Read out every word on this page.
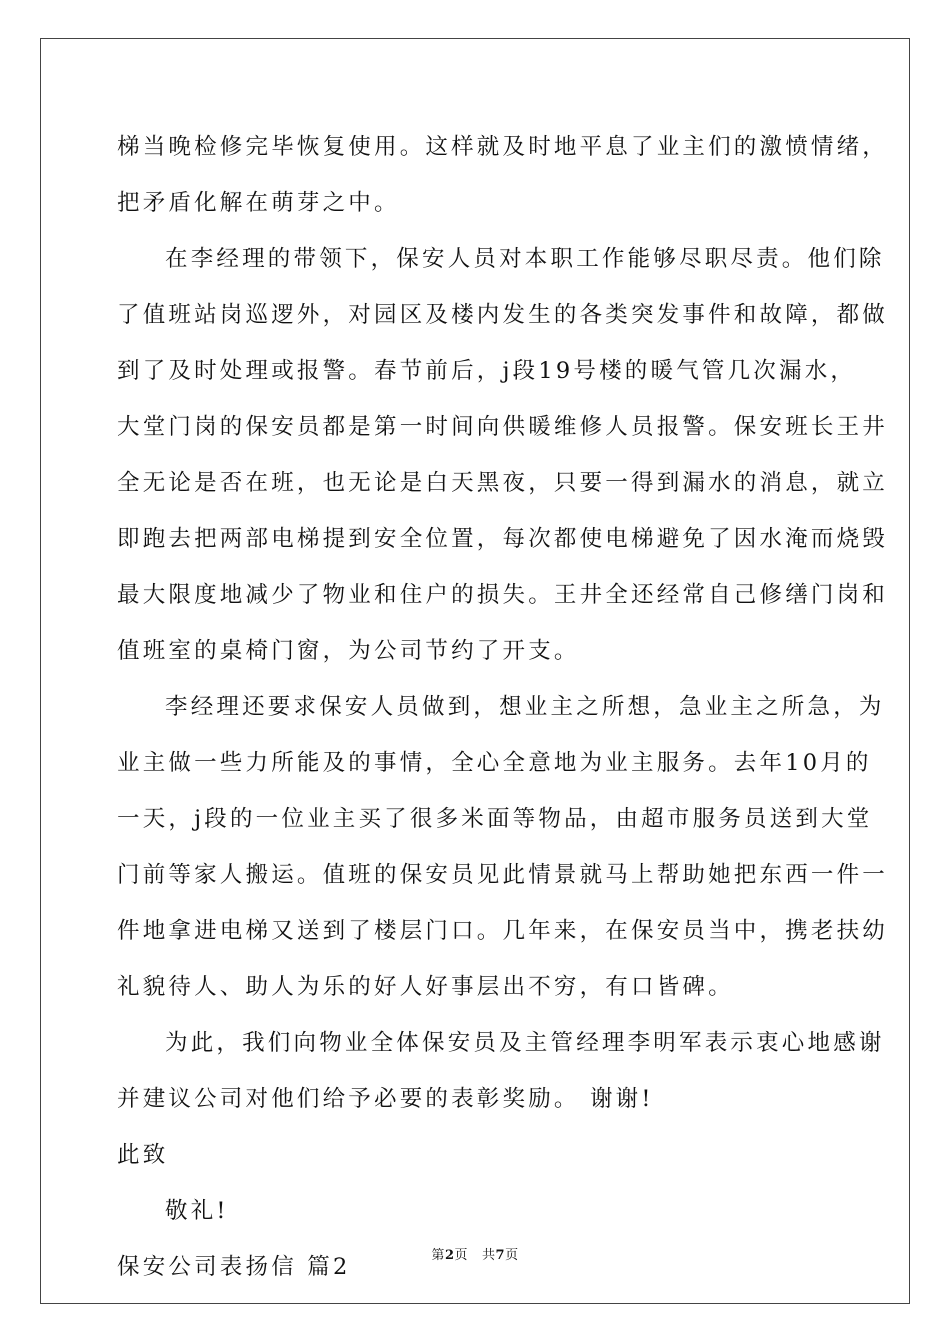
梯当晚检修完毕恢复使用。这样就及时地平息了业主们的激愤情绪，
把矛盾化解在萌芽之中。
在李经理的带领下，保安人员对本职工作能够尽职尽责。他们除
了值班站岗巡逻外，对园区及楼内发生的各类突发事件和故障，都做
到了及时处理或报警。春节前后，j段19号楼的暖气管几次漏水，
大堂门岗的保安员都是第一时间向供暖维修人员报警。保安班长王井
全无论是否在班，也无论是白天黑夜，只要一得到漏水的消息，就立
即跑去把两部电梯提到安全位置，每次都使电梯避免了因水淹而烧毁
最大限度地减少了物业和住户的损失。王井全还经常自己修缮门岗和
值班室的桌椅门窗，为公司节约了开支。
李经理还要求保安人员做到，想业主之所想，急业主之所急，为
业主做一些力所能及的事情，全心全意地为业主服务。去年10月的
一天，j段的一位业主买了很多米面等物品，由超市服务员送到大堂
门前等家人搬运。值班的保安员见此情景就马上帮助她把东西一件一
件地拿进电梯又送到了楼层门口。几年来，在保安员当中，携老扶幼
礼貌待人、助人为乐的好人好事层出不穷，有口皆碑。
为此，我们向物业全体保安员及主管经理李明军表示衷心地感谢
并建议公司对他们给予必要的表彰奖励。 谢谢!
此致
敬礼!
保安公司表扬信 篇2	第2页 共7页
